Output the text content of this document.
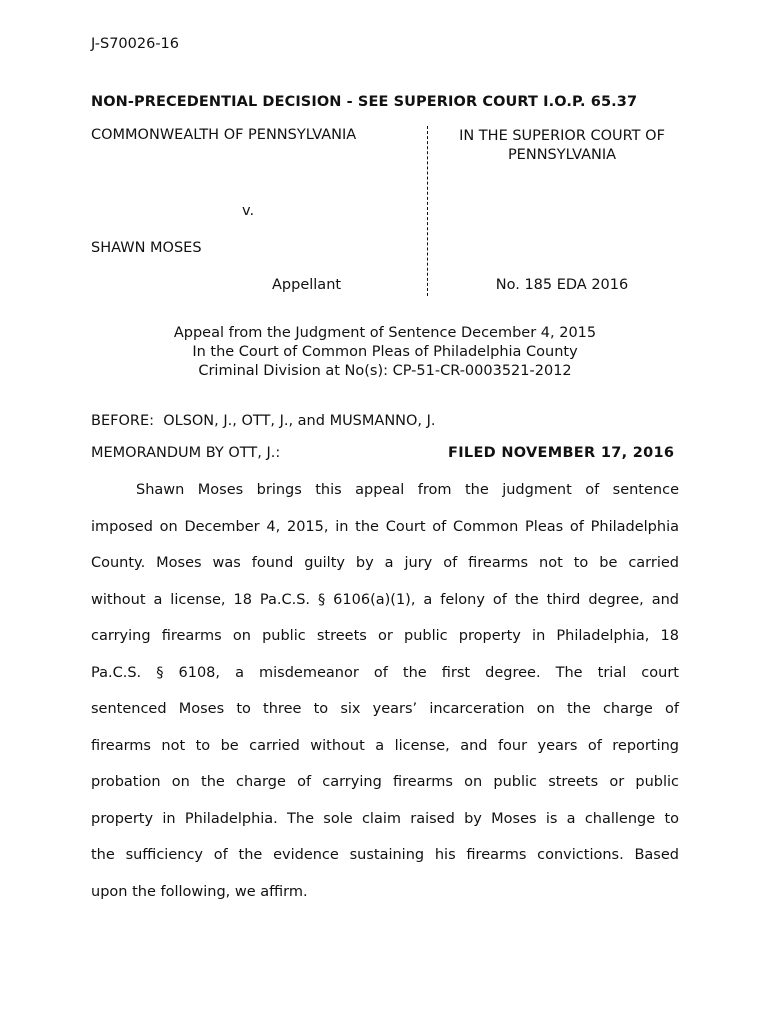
J-S70026-16
NON-PRECEDENTIAL DECISION - SEE SUPERIOR COURT I.O.P. 65.37
COMMONWEALTH OF PENNSYLVANIA	IN THE SUPERIOR COURT OF
PENNSYLVANIA
v.
SHAWN MOSES
Appellant	No. 185 EDA 2016
Appeal from the Judgment of Sentence December 4, 2015
In the Court of Common Pleas of Philadelphia County
Criminal Division at No(s): CP-51-CR-0003521-2012
BEFORE:  OLSON, J., OTT, J., and MUSMANNO, J.
MEMORANDUM BY OTT, J.:	FILED NOVEMBER 17, 2016
Shawn Moses brings this appeal from the judgment of sentence
imposed on December 4, 2015, in the Court of Common Pleas of Philadelphia
County. Moses was found guilty by a jury of firearms not to be carried
without a license, 18 Pa.C.S. § 6106(a)(1), a felony of the third degree, and
carrying firearms on public streets or public property in Philadelphia, 18
Pa.C.S. § 6108, a misdemeanor of the first degree. The trial court
sentenced Moses to three to six years’ incarceration on the charge of
firearms not to be carried without a license, and four years of reporting
probation on the charge of carrying firearms on public streets or public
property in Philadelphia. The sole claim raised by Moses is a challenge to
the sufficiency of the evidence sustaining his firearms convictions. Based
upon the following, we affirm.
